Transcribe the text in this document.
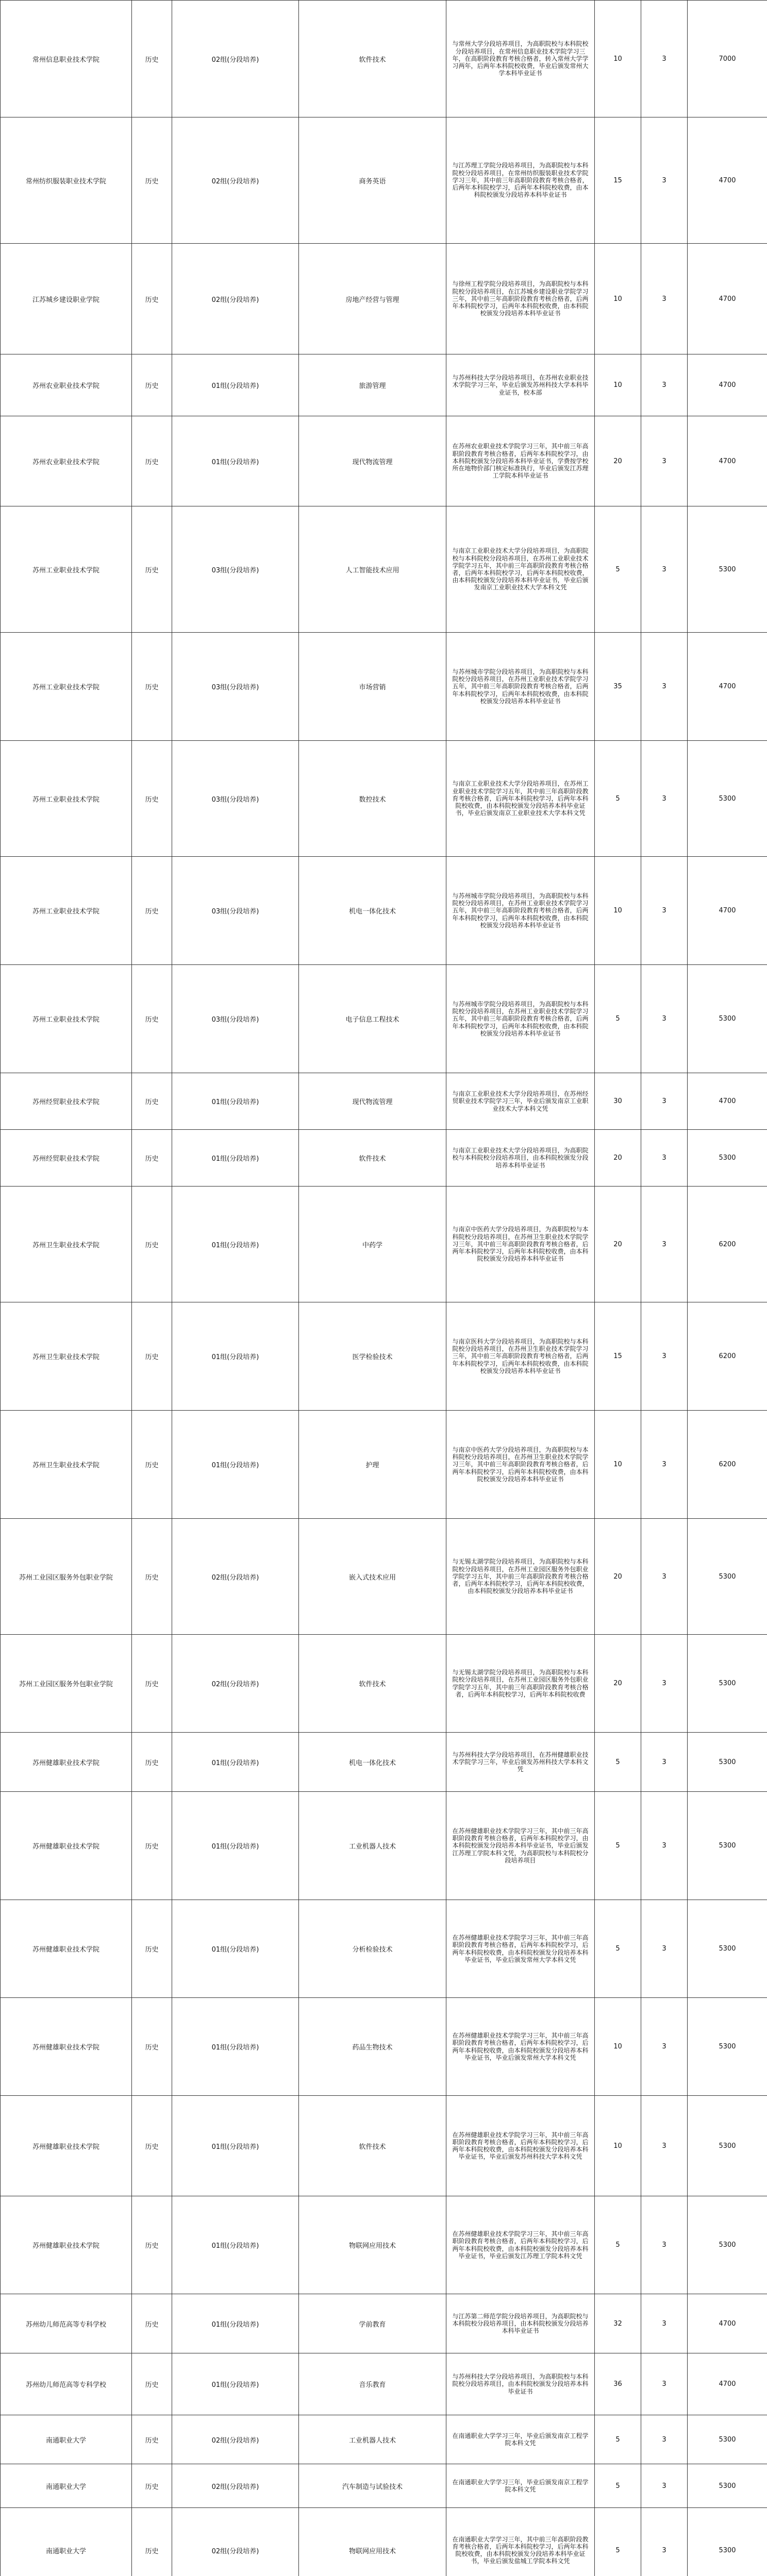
常州信息职业技术学院	历史	02组(分段培养)	软件技术	与常州大学分段培养项目，为高职院校与本科院校分段培养项目，在常州信息职业技术学院学习三年，在高职阶段教育考核合格者，转入常州大学学习两年，后两年本科院校收费，毕业后颁发常州大学本科毕业证书	10	3	7000
常州纺织服装职业技术学院	历史	02组(分段培养)	商务英语	与江苏理工学院分段培养项目，为高职院校与本科院校分段培养项目，在常州纺织服装职业技术学院学习三年，其中前三年高职阶段教育考核合格者，后两年本科院校学习，后两年本科院校收费，由本科院校颁发分段培养本科毕业证书	15	3	4700
江苏城乡建设职业学院	历史	02组(分段培养)	房地产经营与管理	与徐州工程学院分段培养项目，为高职院校与本科院校分段培养项目，在江苏城乡建设职业学院学习三年，其中前三年高职阶段教育考核合格者，后两年本科院校学习，后两年本科院校收费，由本科院校颁发分段培养本科毕业证书	10	3	4700
苏州农业职业技术学院	历史	01组(分段培养)	旅游管理	与苏州科技大学分段培养项目，在苏州农业职业技术学院学习三年，毕业后颁发苏州科技大学本科毕业证书，校本部	10	3	4700
苏州农业职业技术学院	历史	01组(分段培养)	现代物流管理	在苏州农业职业技术学院学习三年，其中前三年高职阶段教育考核合格者，后两年本科院校学习，由本科院校颁发分段培养本科毕业证书，学费按学校所在地物价部门核定标准执行，毕业后颁发江苏理工学院本科毕业证书	20	3	4700
苏州工业职业技术学院	历史	03组(分段培养)	人工智能技术应用	与南京工业职业技术大学分段培养项目，为高职院校与本科院校分段培养项目，在苏州工业职业技术学院学习五年，其中前三年高职阶段教育考核合格者，后两年本科院校学习，后两年本科院校收费，由本科院校颁发分段培养本科毕业证书，毕业后颁发南京工业职业技术大学本科文凭	5	3	5300
苏州工业职业技术学院	历史	03组(分段培养)	市场营销	与苏州城市学院分段培养项目，为高职院校与本科院校分段培养项目，在苏州工业职业技术学院学习五年，其中前三年高职阶段教育考核合格者，后两年本科院校学习，后两年本科院校收费，由本科院校颁发分段培养本科毕业证书	35	3	4700
苏州工业职业技术学院	历史	03组(分段培养)	数控技术	与南京工业职业技术大学分段培养项目，在苏州工业职业技术学院学习五年，其中前三年高职阶段教育考核合格者，后两年本科院校学习，后两年本科院校收费，由本科院校颁发分段培养本科毕业证书，毕业后颁发南京工业职业技术大学本科文凭	5	3	5300
苏州工业职业技术学院	历史	03组(分段培养)	机电一体化技术	与苏州城市学院分段培养项目，为高职院校与本科院校分段培养项目，在苏州工业职业技术学院学习五年，其中前三年高职阶段教育考核合格者，后两年本科院校学习，后两年本科院校收费，由本科院校颁发分段培养本科毕业证书	10	3	4700
苏州工业职业技术学院	历史	03组(分段培养)	电子信息工程技术	与苏州城市学院分段培养项目，为高职院校与本科院校分段培养项目，在苏州工业职业技术学院学习五年，其中前三年高职阶段教育考核合格者，后两年本科院校学习，后两年本科院校收费，由本科院校颁发分段培养本科毕业证书	5	3	5300
苏州经贸职业技术学院	历史	01组(分段培养)	现代物流管理	与南京工业职业技术大学分段培养项目，在苏州经贸职业技术学院学习三年，毕业后颁发南京工业职业技术大学本科文凭	30	3	4700
苏州经贸职业技术学院	历史	01组(分段培养)	软件技术	与南京工业职业技术大学分段培养项目，为高职院校与本科院校分段培养项目，由本科院校颁发分段培养本科毕业证书	20	3	5300
苏州卫生职业技术学院	历史	01组(分段培养)	中药学	与南京中医药大学分段培养项目，为高职院校与本科院校分段培养项目，在苏州卫生职业技术学院学习三年，其中前三年高职阶段教育考核合格者，后两年本科院校学习，后两年本科院校收费，由本科院校颁发分段培养本科毕业证书	20	3	6200
苏州卫生职业技术学院	历史	01组(分段培养)	医学检验技术	与南京医科大学分段培养项目，为高职院校与本科院校分段培养项目，在苏州卫生职业技术学院学习三年，其中前三年高职阶段教育考核合格者，后两年本科院校学习，后两年本科院校收费，由本科院校颁发分段培养本科毕业证书	15	3	6200
苏州卫生职业技术学院	历史	01组(分段培养)	护理	与南京中医药大学分段培养项目，为高职院校与本科院校分段培养项目，在苏州卫生职业技术学院学习三年，其中前三年高职阶段教育考核合格者，后两年本科院校学习，后两年本科院校收费，由本科院校颁发分段培养本科毕业证书	10	3	6200
苏州工业园区服务外包职业学院	历史	02组(分段培养)	嵌入式技术应用	与无锡太湖学院分段培养项目，为高职院校与本科院校分段培养项目，在苏州工业园区服务外包职业学院学习五年，其中前三年高职阶段教育考核合格者，后两年本科院校学习，后两年本科院校收费，由本科院校颁发分段培养本科毕业证书	20	3	5300
苏州工业园区服务外包职业学院	历史	02组(分段培养)	软件技术	与无锡太湖学院分段培养项目，为高职院校与本科院校分段培养项目，在苏州工业园区服务外包职业学院学习五年，其中前三年高职阶段教育考核合格者，后两年本科院校学习，后两年本科院校收费	20	3	5300
苏州健雄职业技术学院	历史	01组(分段培养)	机电一体化技术	与苏州科技大学分段培养项目，在苏州健雄职业技术学院学习三年，毕业后颁发苏州科技大学本科文凭	5	3	5300
苏州健雄职业技术学院	历史	01组(分段培养)	工业机器人技术	在苏州健雄职业技术学院学习三年，其中前三年高职阶段教育考核合格者，后两年本科院校学习，由本科院校颁发分段培养本科毕业证书，毕业后颁发江苏理工学院本科文凭，为高职院校与本科院校分段培养项目	5	3	5300
苏州健雄职业技术学院	历史	01组(分段培养)	分析检验技术	在苏州健雄职业技术学院学习三年，其中前三年高职阶段教育考核合格者，后两年本科院校学习，后两年本科院校收费，由本科院校颁发分段培养本科毕业证书，毕业后颁发常州大学本科文凭	5	3	5300
苏州健雄职业技术学院	历史	01组(分段培养)	药品生物技术	在苏州健雄职业技术学院学习三年，其中前三年高职阶段教育考核合格者，后两年本科院校学习，后两年本科院校收费，由本科院校颁发分段培养本科毕业证书，毕业后颁发常州大学本科文凭	10	3	5300
苏州健雄职业技术学院	历史	01组(分段培养)	软件技术	在苏州健雄职业技术学院学习三年，其中前三年高职阶段教育考核合格者，后两年本科院校学习，后两年本科院校收费，由本科院校颁发分段培养本科毕业证书，毕业后颁发苏州科技大学本科文凭	10	3	5300
苏州健雄职业技术学院	历史	01组(分段培养)	物联网应用技术	在苏州健雄职业技术学院学习三年，其中前三年高职阶段教育考核合格者，后两年本科院校学习，后两年本科院校收费，由本科院校颁发分段培养本科毕业证书，毕业后颁发江苏理工学院本科文凭	5	3	5300
苏州幼儿师范高等专科学校	历史	01组(分段培养)	学前教育	与江苏第二师范学院分段培养项目，为高职院校与本科院校分段培养项目，由本科院校颁发分段培养本科毕业证书	32	3	4700
苏州幼儿师范高等专科学校	历史	01组(分段培养)	音乐教育	与苏州科技大学分段培养项目，为高职院校与本科院校分段培养项目，由本科院校颁发分段培养本科毕业证书	36	3	4700
南通职业大学	历史	02组(分段培养)	工业机器人技术	在南通职业大学学习三年，毕业后颁发南京工程学院本科文凭	5	3	5300
南通职业大学	历史	02组(分段培养)	汽车制造与试验技术	在南通职业大学学习三年，毕业后颁发南京工程学院本科文凭	5	3	5300
南通职业大学	历史	02组(分段培养)	物联网应用技术	在南通职业大学学习三年，其中前三年高职阶段教育考核合格者，后两年本科院校学习，后两年本科院校收费，由本科院校颁发分段培养本科毕业证书，毕业后颁发盐城工学院本科文凭	5	3	5300
